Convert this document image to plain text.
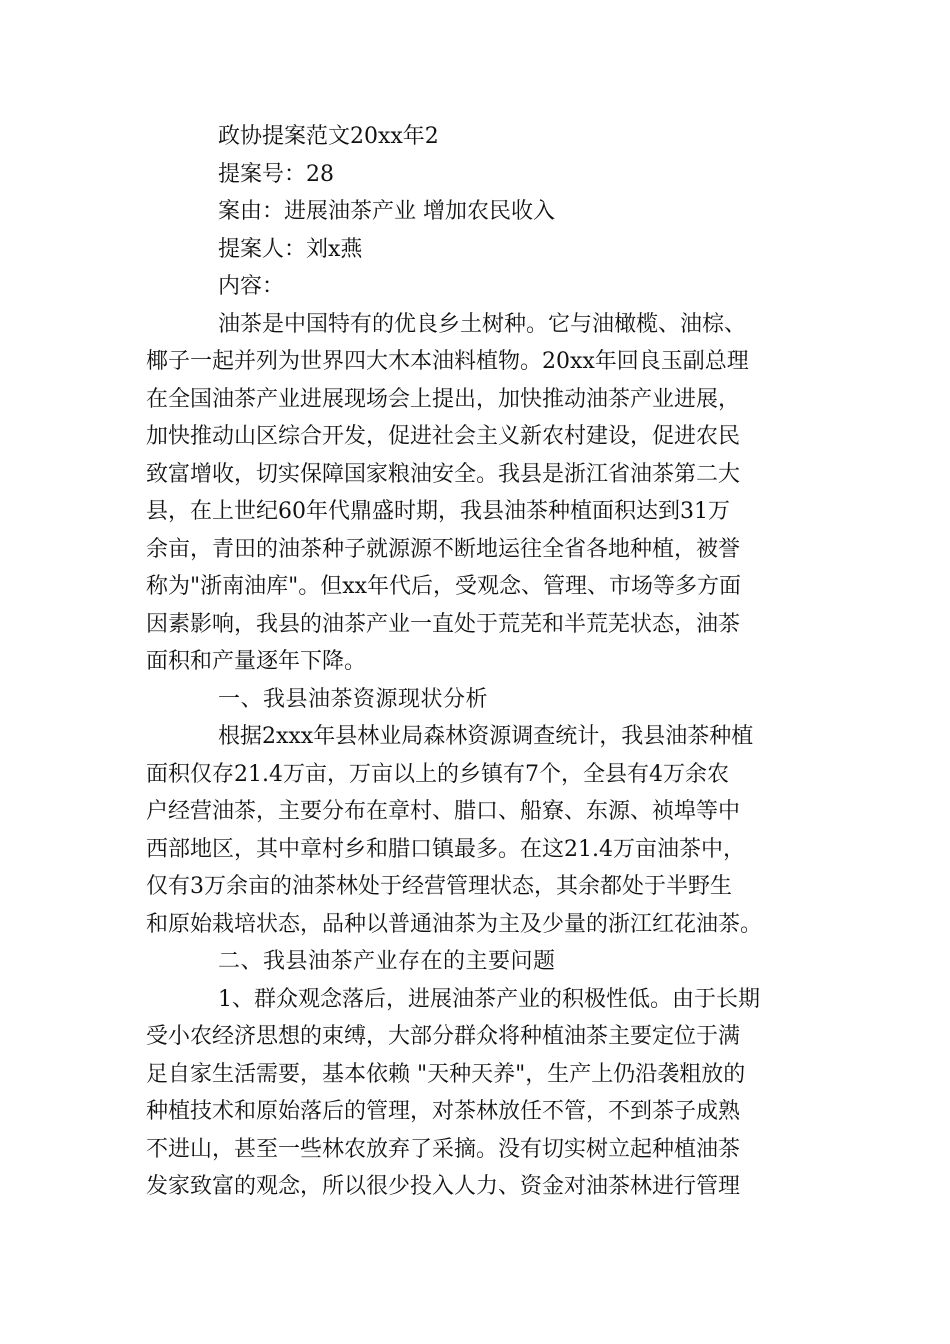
政协提案范文20xx年2
提案号：28
案由：进展油茶产业 增加农民收入
提案人：刘x燕
内容：
油茶是中国特有的优良乡土树种。它与油橄榄、油棕、
椰子一起并列为世界四大木本油料植物。20xx年回良玉副总理
在全国油茶产业进展现场会上提出，加快推动油茶产业进展，
加快推动山区综合开发，促进社会主义新农村建设，促进农民
致富增收，切实保障国家粮油安全。我县是浙江省油茶第二大
县，在上世纪60年代鼎盛时期，我县油茶种植面积达到31万
余亩，青田的油茶种子就源源不断地运往全省各地种植，被誉
称为"浙南油库"。但xx年代后，受观念、管理、市场等多方面
因素影响，我县的油茶产业一直处于荒芜和半荒芜状态，油茶
面积和产量逐年下降。
一、我县油茶资源现状分析
根据2xxx年县林业局森林资源调查统计，我县油茶种植
面积仅存21.4万亩，万亩以上的乡镇有7个，全县有4万余农
户经营油茶，主要分布在章村、腊口、船寮、东源、祯埠等中
西部地区，其中章村乡和腊口镇最多。在这21.4万亩油茶中，
仅有3万余亩的油茶林处于经营管理状态，其余都处于半野生
和原始栽培状态，品种以普通油茶为主及少量的浙江红花油茶。
二、我县油茶产业存在的主要问题
1、群众观念落后，进展油茶产业的积极性低。由于长期
受小农经济思想的束缚，大部分群众将种植油茶主要定位于满
足自家生活需要，基本依赖 "天种天养"，生产上仍沿袭粗放的
种植技术和原始落后的管理，对茶林放任不管，不到茶子成熟
不进山，甚至一些林农放弃了采摘。没有切实树立起种植油茶
发家致富的观念，所以很少投入人力、资金对油茶林进行管理
